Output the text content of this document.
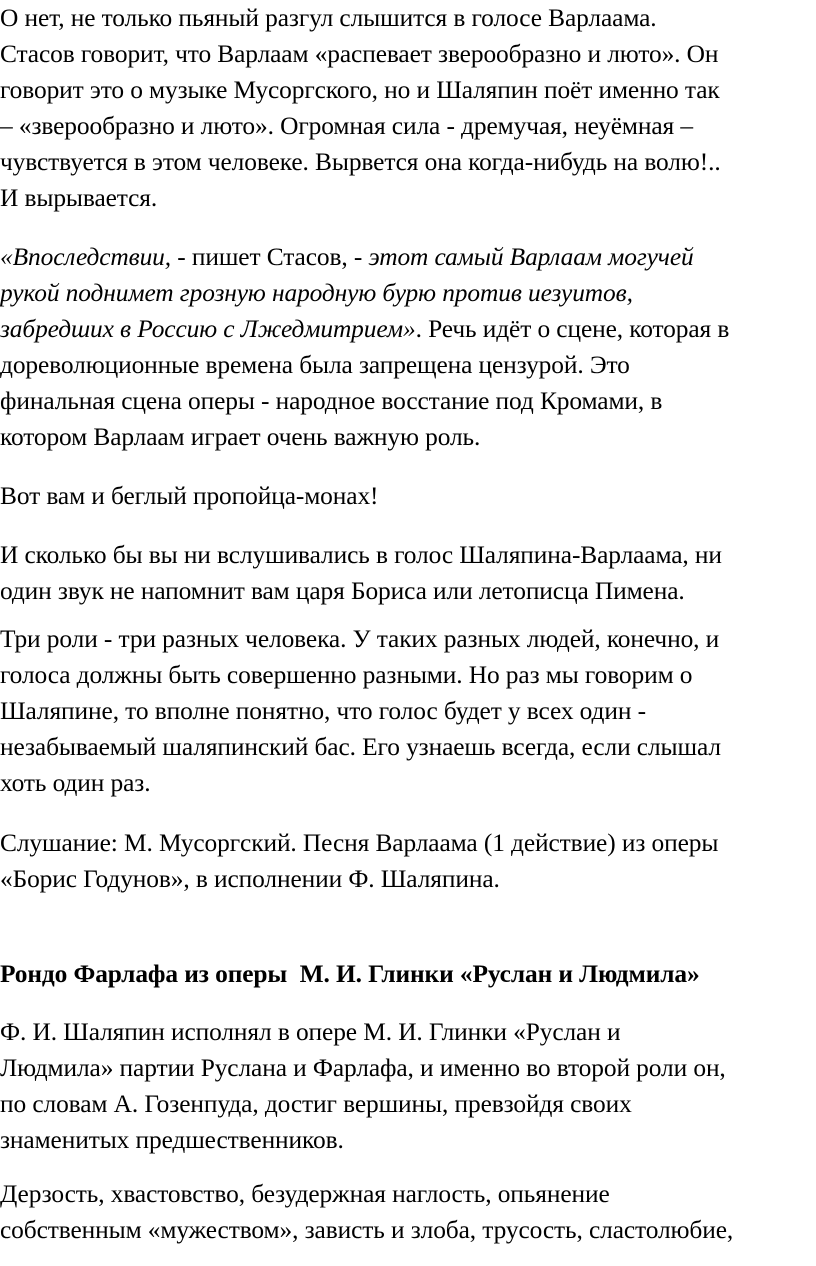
О нет, не только пьяный разгул слышится в голосе Варлаама.
Стасов говорит, что Варлаам «распевает зверообразно и люто». Он
говорит это о музыке Мусоргского, но и Шаляпин поёт именно так
– «зверообразно и люто». Огромная сила - дремучая, неуёмная –
чувствуется в этом человеке. Вырвется она когда-нибудь на волю!..
И вырывается.
«Впоследствии, - пишет Стасов, - этот самый Варлаам могучей
рукой поднимет грозную народную бурю против иезуитов,
забредших в Россию с Лжедмитрием». Речь идёт о сцене, которая в
дореволюционные времена была запрещена цензурой. Это
финальная сцена оперы - народное восстание под Кромами, в
котором Варлаам играет очень важную роль.
Вот вам и беглый пропойца-монах!
И сколько бы вы ни вслушивались в голос Шаляпина-Варлаама, ни
один звук не напомнит вам царя Бориса или летописца Пимена.
Три роли - три разных человека. У таких разных людей, конечно, и
голоса должны быть совершенно разными. Но раз мы говорим о
Шаляпине, то вполне понятно, что голос будет у всех один -
незабываемый шаляпинский бас. Его узнаешь всегда, если слышал
хоть один раз.
Слушание: М. Мусоргский. Песня Варлаама (1 действие) из оперы
«Борис Годунов», в исполнении Ф. Шаляпина.
Рондо Фарлафа из оперы  М. И. Глинки «Руслан и Людмила»
Ф. И. Шаляпин исполнял в опере М. И. Глинки «Руслан и
Людмила» партии Руслана и Фарлафа, и именно во второй роли он,
по словам А. Гозенпуда, достиг вершины, превзойдя своих
знаменитых предшественников.
Дерзость, хвастовство, безудержная наглость, опьянение
собственным «мужеством», зависть и злоба, трусость, сластолюбие,
